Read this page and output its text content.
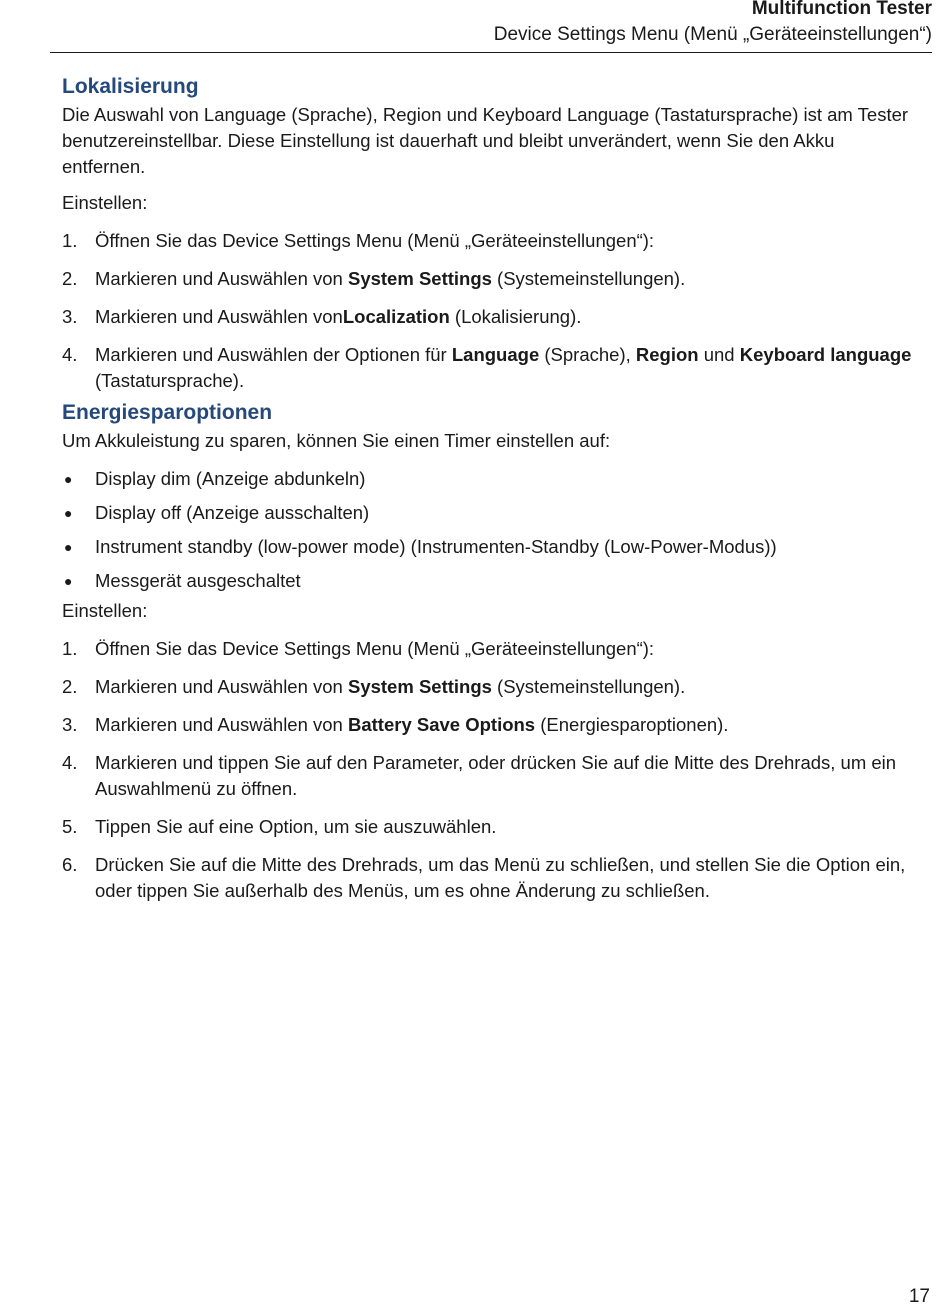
Multifunction Tester
Device Settings Menu (Menü „Geräteeinstellungen“)
Lokalisierung

Die Auswahl von Language (Sprache), Region und Keyboard Language (Tastatursprache) ist am Tester benutzereinstellbar. Diese Einstellung ist dauerhaft und bleibt unverändert, wenn Sie den Akku entfernen.

Einstellen:

1. Öffnen Sie das Device Settings Menu (Menü „Geräteeinstellungen“):
2. Markieren und Auswählen von System Settings (Systemeinstellungen).
3. Markieren und Auswählen vonLocalization (Lokalisierung).
4. Markieren und Auswählen der Optionen für Language (Sprache), Region und Keyboard language (Tastatursprache).
Energiesparoptionen

Um Akkuleistung zu sparen, können Sie einen Timer einstellen auf:

● Display dim (Anzeige abdunkeln)
● Display off (Anzeige ausschalten)
● Instrument standby (low-power mode) (Instrumenten-Standby (Low-Power-Modus))
● Messgerät ausgeschaltet

Einstellen:

1. Öffnen Sie das Device Settings Menu (Menü „Geräteeinstellungen“):
2. Markieren und Auswählen von System Settings (Systemeinstellungen).
3. Markieren und Auswählen von Battery Save Options (Energiesparoptionen).
4. Markieren und tippen Sie auf den Parameter, oder drücken Sie auf die Mitte des Drehrads, um ein Auswahlmenü zu öffnen.
5. Tippen Sie auf eine Option, um sie auszuwählen.
6. Drücken Sie auf die Mitte des Drehrads, um das Menü zu schließen, und stellen Sie die Option ein, oder tippen Sie außerhalb des Menüs, um es ohne Änderung zu schließen.
17
